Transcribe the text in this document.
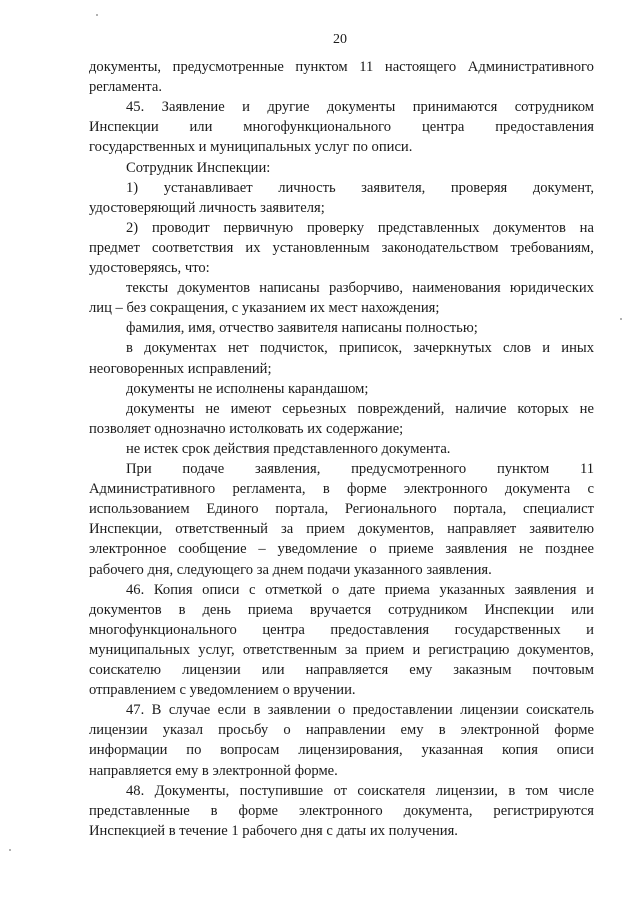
20
документы, предусмотренные пунктом 11 настоящего Административного
регламента.
45. Заявление и другие документы принимаются сотрудником
Инспекции или многофункционального центра предоставления
государственных и муниципальных услуг по описи.
Сотрудник Инспекции:
1) устанавливает личность заявителя, проверяя документ,
удостоверяющий личность заявителя;
2) проводит первичную проверку представленных документов на
предмет соответствия их установленным законодательством требованиям,
удостоверяясь, что:
тексты документов написаны разборчиво, наименования юридических
лиц – без сокращения, с указанием их мест нахождения;
фамилия, имя, отчество заявителя написаны полностью;
в документах нет подчисток, приписок, зачеркнутых слов и иных
неоговоренных исправлений;
документы не исполнены карандашом;
документы не имеют серьезных повреждений, наличие которых не
позволяет однозначно истолковать их содержание;
не истек срок действия представленного документа.
При подаче заявления, предусмотренного пунктом 11
Административного регламента, в форме электронного документа с
использованием Единого портала, Регионального портала, специалист
Инспекции, ответственный за прием документов, направляет заявителю
электронное сообщение – уведомление о приеме заявления не позднее
рабочего дня, следующего за днем подачи указанного заявления.
46. Копия описи с отметкой о дате приема указанных заявления и
документов в день приема вручается сотрудником Инспекции или
многофункционального центра предоставления государственных и
муниципальных услуг, ответственным за прием и регистрацию документов,
соискателю лицензии или направляется ему заказным почтовым
отправлением с уведомлением о вручении.
47. В случае если в заявлении о предоставлении лицензии соискатель
лицензии указал просьбу о направлении ему в электронной форме
информации по вопросам лицензирования, указанная копия описи
направляется ему в электронной форме.
48. Документы, поступившие от соискателя лицензии, в том числе
представленные в форме электронного документа, регистрируются
Инспекцией в течение 1 рабочего дня с даты их получения.
